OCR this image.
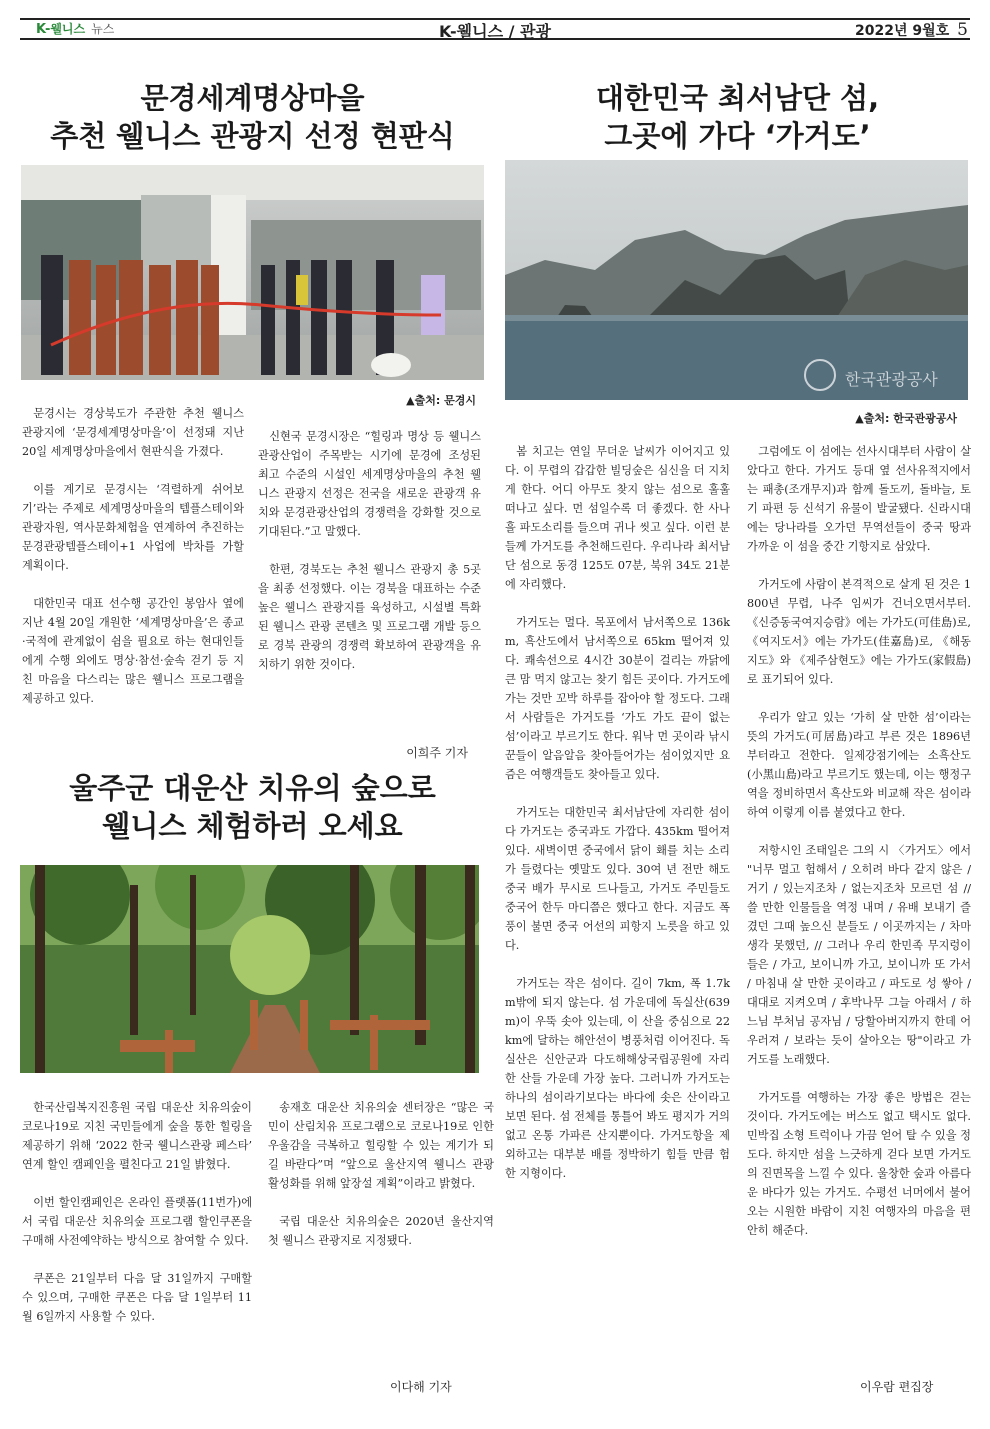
K-웰니스 뉴스	K-웰니스 / 관광	2022년 9월호 5
문경세계명상마을
추천 웰니스 관광지 선정 현판식
▲출처: 문경시

문경시는 경상북도가 주관한 추천 웰니스 관광지에 ‘문경세계명상마을’이 선정돼 지난 20일 세계명상마을에서 현판식을 가졌다.

이를 계기로 문경시는 ‘격렬하게 쉬어보기’라는 주제로 세계명상마을의 템플스테이와 관광자원, 역사문화체험을 연계하여 추진하는 문경관광템플스테이+1 사업에 박차를 가할 계획이다.

대한민국 대표 선수행 공간인 봉암사 옆에 지난 4월 20일 개원한 ‘세계명상마을’은 종교·국적에 관계없이 쉼을 필요로 하는 현대인들에게 수행 외에도 명상·참선·숲속 걷기 등 지친 마음을 다스리는 많은 웰니스 프로그램을 제공하고 있다.

신현국 문경시장은 “힐링과 명상 등 웰니스 관광산업이 주목받는 시기에 문경에 조성된 최고 수준의 시설인 세계명상마을의 추천 웰니스 관광지 선정은 전국을 새로운 관광객 유치와 문경관광산업의 경쟁력을 강화할 것으로 기대된다.”고 말했다.

한편, 경북도는 추천 웰니스 관광지 총 5곳을 최종 선정했다. 이는 경북을 대표하는 수준 높은 웰니스 관광지를 육성하고, 시설별 특화된 웰니스 관광 콘텐츠 및 프로그램 개발 등으로 경북 관광의 경쟁력 확보하여 관광객을 유치하기 위한 것이다.

이희주 기자
울주군 대운산 치유의 숲으로
웰니스 체험하러 오세요

한국산림복지진흥원 국립 대운산 치유의숲이 코로나19로 지친 국민들에게 숲을 통한 힐링을 제공하기 위해 ‘2022 한국 웰니스관광 페스타’ 연계 할인 캠페인을 펼친다고 21일 밝혔다.

이번 할인캠페인은 온라인 플랫폼(11번가)에서 국립 대운산 치유의숲 프로그램 할인쿠폰을 구매해 사전예약하는 방식으로 참여할 수 있다.

쿠폰은 21일부터 다음 달 31일까지 구매할 수 있으며, 구매한 쿠폰은 다음 달 1일부터 11월 6일까지 사용할 수 있다.

송재호 대운산 치유의숲 센터장은 “많은 국민이 산림치유 프로그램으로 코로나19로 인한 우울감을 극복하고 힐링할 수 있는 계기가 되길 바란다”며 “앞으로 울산지역 웰니스 관광 활성화를 위해 앞장설 계획”이라고 밝혔다.

국립 대운산 치유의숲은 2020년 울산지역 첫 웰니스 관광지로 지정됐다.

이다해 기자
대한민국 최서남단 섬,
그곳에 가다 ‘가거도’
한국관광공사
▲출처: 한국관광공사

봄 치고는 연일 무더운 날씨가 이어지고 있다. 이 무렵의 갑갑한 빌딩숲은 심신을 더 지치게 한다. 어디 아무도 찾지 않는 섬으로 훌훌 떠나고 싶다. 먼 섬일수록 더 좋겠다. 한 사나흘 파도소리를 들으며 귀나 씻고 싶다. 이런 분들께 가거도를 추천해드린다. 우리나라 최서남단 섬으로 동경 125도 07분, 북위 34도 21분에 자리했다.

가거도는 멀다. 목포에서 남서쪽으로 136km, 흑산도에서 남서쪽으로 65km 떨어져 있다. 쾌속선으로 4시간 30분이 걸리는 까닭에 큰 맘 먹지 않고는 찾기 힘든 곳이다. 가거도에 가는 것만 꼬박 하루를 잡아야 할 정도다. 그래서 사람들은 가거도를 ‘가도 가도 끝이 없는 섬’이라고 부르기도 한다. 워낙 먼 곳이라 낚시꾼들이 알음알음 찾아들어가는 섬이었지만 요즘은 여행객들도 찾아들고 있다.

가거도는 대한민국 최서남단에 자리한 섬이다 가거도는 중국과도 가깝다. 435km 떨어져 있다. 새벽이면 중국에서 닭이 홰를 치는 소리가 들렸다는 옛말도 있다. 30여 년 전만 해도 중국 배가 무시로 드나들고, 가거도 주민들도 중국어 한두 마디쯤은 했다고 한다. 지금도 폭풍이 불면 중국 어선의 피항지 노릇을 하고 있다.

가거도는 작은 섬이다. 길이 7km, 폭 1.7km밖에 되지 않는다. 섬 가운데에 독실산(639m)이 우뚝 솟아 있는데, 이 산을 중심으로 22km에 달하는 해안선이 병풍처럼 이어진다. 독실산은 신안군과 다도해해상국립공원에 자리한 산들 가운데 가장 높다. 그러니까 가거도는 하나의 섬이라기보다는 바다에 솟은 산이라고 보면 된다. 섬 전체를 통틀어 봐도 평지가 거의 없고 온통 가파른 산지뿐이다. 가거도항을 제외하고는 대부분 배를 정박하기 힘들 만큼 험한 지형이다.

그럼에도 이 섬에는 선사시대부터 사람이 살았다고 한다. 가거도 등대 옆 선사유적지에서는 패총(조개무지)과 함께 돌도끼, 돌바늘, 토기 파편 등 신석기 유물이 발굴됐다. 신라시대에는 당나라를 오가던 무역선들이 중국 땅과 가까운 이 섬을 중간 기항지로 삼았다.

가거도에 사람이 본격적으로 살게 된 것은 1800년 무렵, 나주 임씨가 건너오면서부터. 《신증동국여지승람》에는 가가도(可佳島)로, 《여지도서》에는 가가도(佳嘉島)로, 《해동지도》와 《제주삼현도》에는 가가도(家假島)로 표기되어 있다.

우리가 알고 있는 ‘가히 살 만한 섬’이라는 뜻의 가거도(可居島)라고 부른 것은 1896년부터라고 전한다. 일제강점기에는 소흑산도(小黑山島)라고 부르기도 했는데, 이는 행정구역을 정비하면서 흑산도와 비교해 작은 섬이라 하여 이렇게 이름 붙였다고 한다.

저항시인 조태일은 그의 시 〈가거도〉에서 "너무 멀고 험해서 / 오히려 바다 같지 않은 / 거기 / 있는지조차 / 없는지조차 모르던 섬 // 쓸 만한 인물들을 역정 내며 / 유배 보내기 즐겼던 그때 높으신 분들도 / 이곳까지는 / 차마 생각 못했던, // 그러나 우리 한민족 무지렁이들은 / 가고, 보이니까 가고, 보이니까 또 가서 / 마침내 살 만한 곳이라고 / 파도로 성 쌓아 / 대대로 지켜오며 / 후박나무 그늘 아래서 / 하느님 부처님 공자님 / 당할아버지까지 한데 어우러져 / 보라는 듯이 살아오는 땅"이라고 가거도를 노래했다.

가거도를 여행하는 가장 좋은 방법은 걷는 것이다. 가거도에는 버스도 없고 택시도 없다. 민박집 소형 트럭이나 가끔 얻어 탈 수 있을 정도다. 하지만 섬을 느긋하게 걷다 보면 가거도의 진면목을 느낄 수 있다. 울창한 숲과 아름다운 바다가 있는 가거도. 수평선 너머에서 불어오는 시원한 바람이 지친 여행자의 마음을 편안히 해준다.

이우람 편집장
